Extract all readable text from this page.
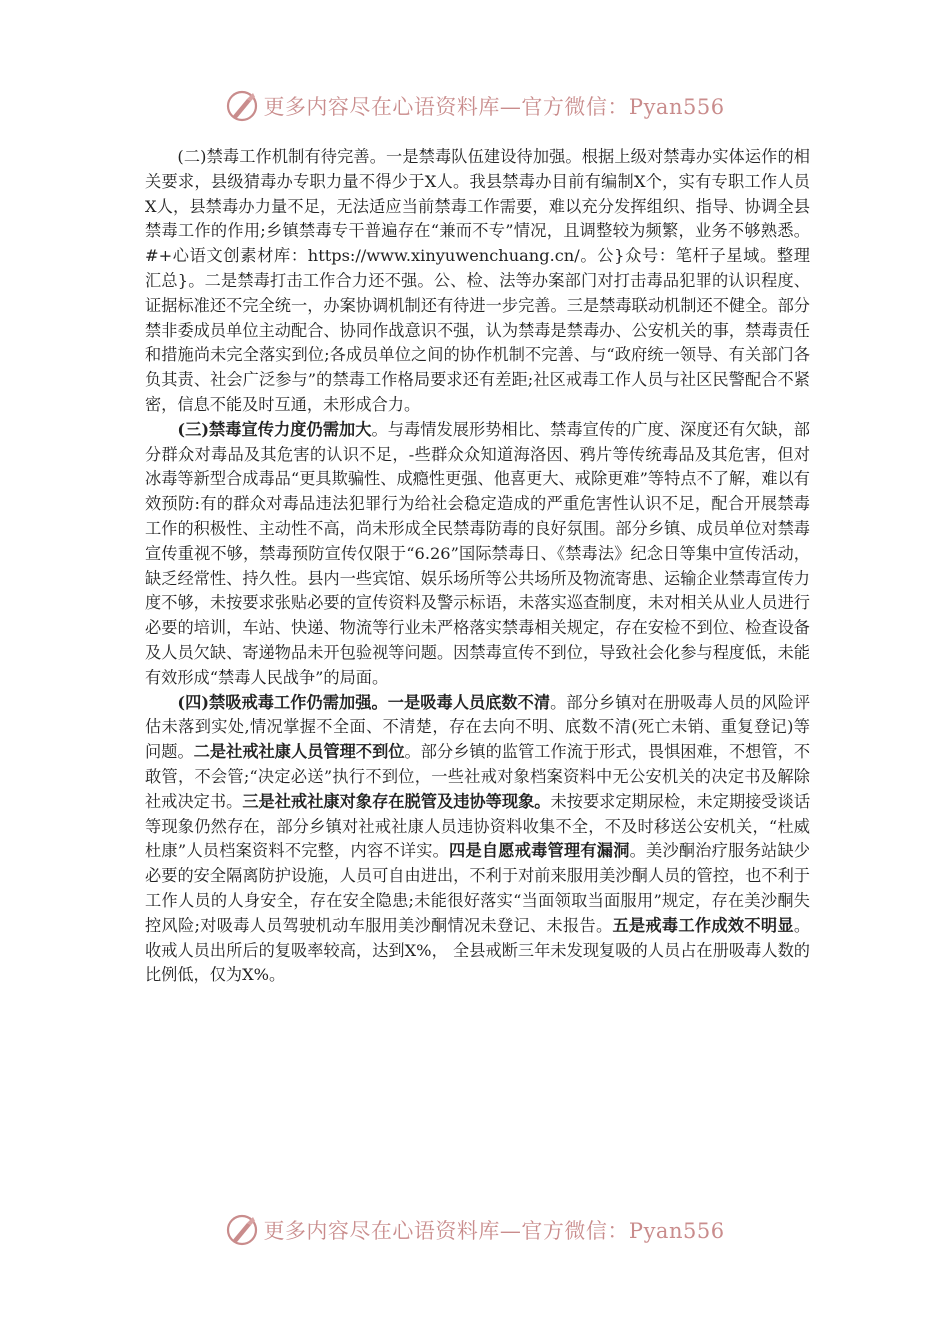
更多内容尽在心语资料库—官方微信：Pyan556

(二)禁毒工作机制有待完善。一是禁毒队伍建设待加强。根据上级对禁毒办实体运作的相关要求，县级猜毒办专职力量不得少于X人。我县禁毒办目前有编制X个，实有专职工作人员X人，县禁毒办力量不足，无法适应当前禁毒工作需要，难以充分发挥组织、指导、协调全县禁毒工作的作用;乡镇禁毒专干普遍存在“兼而不专”情况，且调整较为频繁，业务不够熟悉。#+心语文创素材库：https://www.xinyuwenchuang.cn/。公}众号：笔杆子星域。整理汇总}。二是禁毒打击工作合力还不强。公、检、法等办案部门对打击毒品犯罪的认识程度、证据标准还不完全统一，办案协调机制还有待进一步完善。三是禁毒联动机制还不健全。部分禁非委成员单位主动配合、协同作战意识不强，认为禁毒是禁毒办、公安机关的事，禁毒责任和措施尚未完全落实到位;各成员单位之间的协作机制不完善、与“政府统一领导、有关部门各负其责、社会广泛参与”的禁毒工作格局要求还有差距;社区戒毒工作人员与社区民警配合不紧密，信息不能及时互通，未形成合力。

(三)禁毒宣传力度仍需加大。与毒情发展形势相比、禁毒宣传的广度、深度还有欠缺，部分群众对毒品及其危害的认识不足，-些群众众知道海洛因、鸦片等传统毒品及其危害，但对冰毒等新型合成毒品“更具欺骗性、成瘾性更强、他喜更大、戒除更难”等特点不了解，难以有效预防:有的群众对毒品违法犯罪行为给社会稳定造成的严重危害性认识不足，配合开展禁毒工作的积极性、主动性不高，尚未形成全民禁毒防毒的良好氛围。部分乡镇、成员单位对禁毒宣传重视不够，禁毒预防宣传仅限于“6.26”国际禁毒日、《禁毒法》纪念日等集中宣传活动，缺乏经常性、持久性。县内一些宾馆、娱乐场所等公共场所及物流寄患、运输企业禁毒宣传力度不够，未按要求张贴必要的宣传资料及警示标语，未落实巡查制度，未对相关从业人员进行必要的培训，车站、快递、物流等行业未严格落实禁毒相关规定，存在安检不到位、检查设备及人员欠缺、寄递物品未开包验视等问题。因禁毒宣传不到位，导致社会化参与程度低，未能有效形成“禁毒人民战争”的局面。

(四)禁吸戒毒工作仍需加强。一是吸毒人员底数不清。部分乡镇对在册吸毒人员的风险评估未落到实处,情况掌握不全面、不清楚，存在去向不明、底数不清(死亡未销、重复登记)等问题。二是社戒社康人员管理不到位。部分乡镇的监管工作流于形式，畏惧困难，不想管，不敢管，不会管;“决定必送”执行不到位，一些社戒对象档案资料中无公安机关的决定书及解除社戒决定书。三是社戒社康对象存在脱管及违协等现象。未按要求定期尿检，未定期接受谈话等现象仍然存在，部分乡镇对社戒社康人员违协资料收集不全，不及时移送公安机关，“杜威杜康”人员档案资料不完整，内容不详实。四是自愿戒毒管理有漏洞。美沙酮治疗服务站缺少必要的安全隔离防护设施，人员可自由进出，不利于对前来服用美沙酮人员的管控，也不利于工作人员的人身安全，存在安全隐患;未能很好落实“当面领取当面服用”规定，存在美沙酮失控风险;对吸毒人员驾驶机动车服用美沙酮情况未登记、未报告。五是戒毒工作成效不明显。收戒人员出所后的复吸率较高，达到X%， 全县戒断三年未发现复吸的人员占在册吸毒人数的比例低，仅为X%。

更多内容尽在心语资料库—官方微信：Pyan556
